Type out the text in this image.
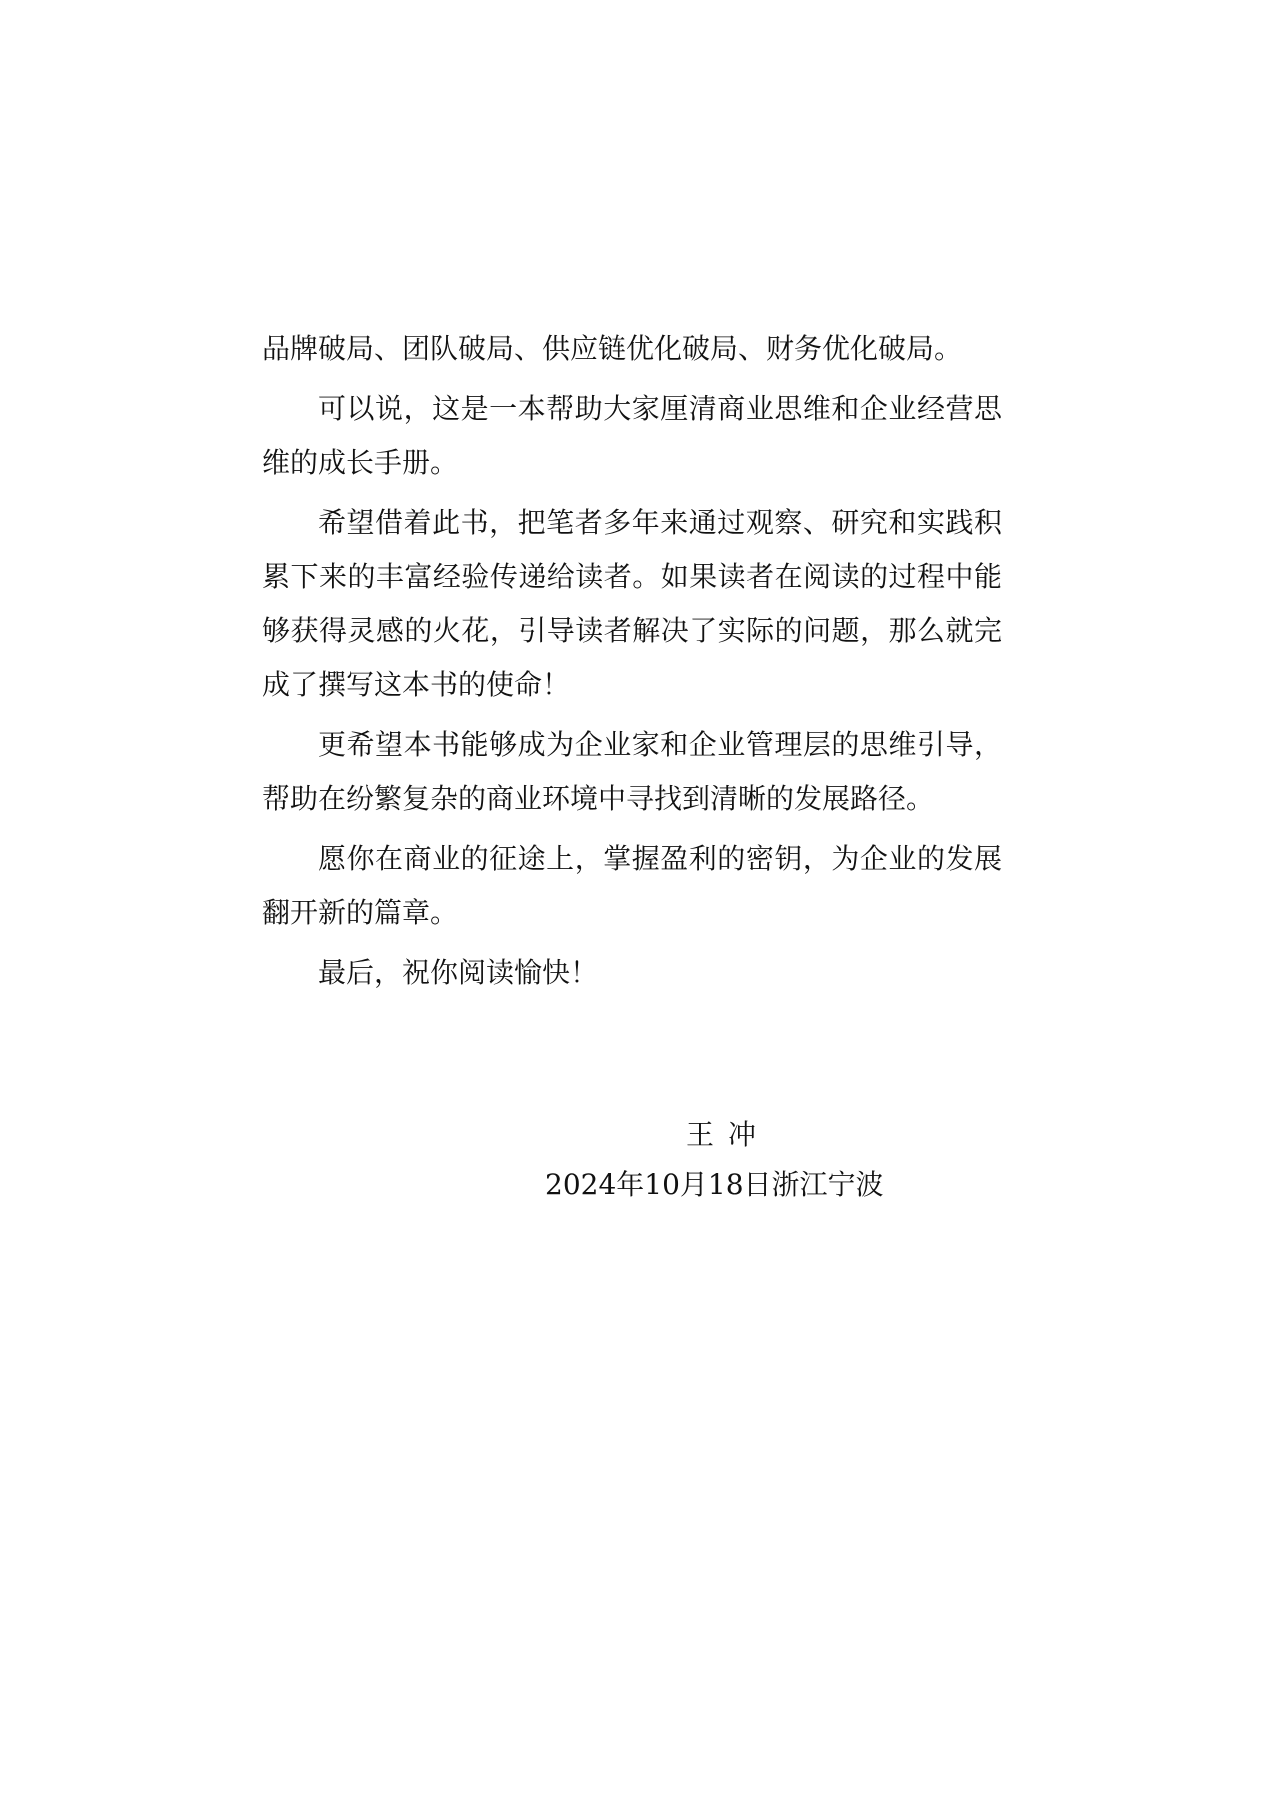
品牌破局、团队破局、供应链优化破局、财务优化破局。

可以说，这是一本帮助大家厘清商业思维和企业经营思维的成长手册。

希望借着此书，把笔者多年来通过观察、研究和实践积累下来的丰富经验传递给读者。如果读者在阅读的过程中能够获得灵感的火花，引导读者解决了实际的问题，那么就完成了撰写这本书的使命！

更希望本书能够成为企业家和企业管理层的思维引导，帮助在纷繁复杂的商业环境中寻找到清晰的发展路径。

愿你在商业的征途上，掌握盈利的密钥，为企业的发展翻开新的篇章。

最后，祝你阅读愉快！

王冲
2024年10月18日浙江宁波
